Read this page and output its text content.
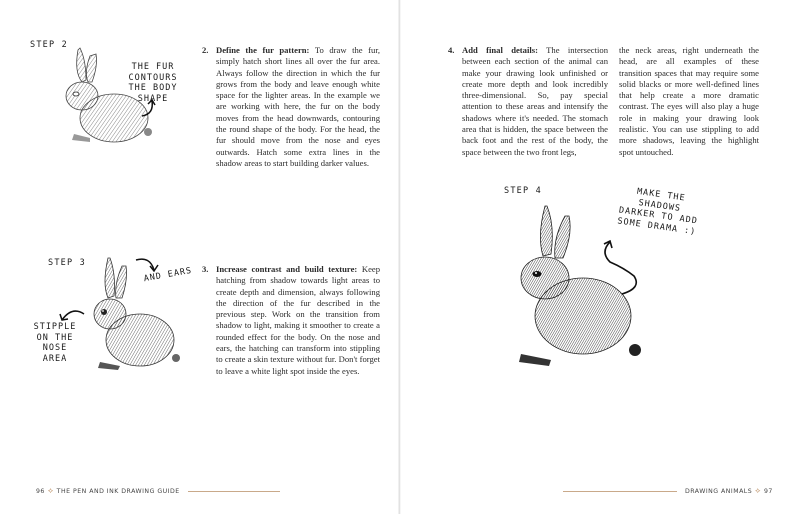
STEP 2
THE FUR CONTOURS THE BODY SHAPE
2. Define the fur pattern: To draw the fur, simply hatch short lines all over the fur area. Always follow the direction in which the fur grows from the body and leave enough white space for the lighter areas. In the example we are working with here, the fur on the body moves from the head downwards, contouring the round shape of the body. For the head, the fur should move from the nose and eyes outwards. Hatch some extra lines in the shadow areas to start building darker values.
STEP 3
AND EARS
STIPPLE ON THE NOSE AREA
3. Increase contrast and build texture: Keep hatching from shadow towards light areas to create depth and dimension, always following the direction of the fur described in the previous step. Work on the transition from shadow to light, making it smoother to create a rounded effect for the body. On the nose and ears, the hatching can transform into stippling to create a skin texture without fur. Don't forget to leave a white light spot inside the eyes.
96 ⟡ THE PEN AND INK DRAWING GUIDE
4. Add final details: The intersection between each section of the animal can make your drawing look unfinished or create more depth and look incredibly three-dimensional. So, pay special attention to these areas and intensify the shadows where it's needed. The stomach area that is hidden, the space between the back foot and the rest of the body, the space between the two front legs,
the neck areas, right underneath the head, are all examples of these transition spaces that may require some solid blacks or more well-defined lines that help create a more dramatic contrast. The eyes will also play a huge role in making your drawing look realistic. You can use stippling to add more shadows, leaving the highlight spot untouched.
STEP 4	MAKE THE SHADOWS DARKER TO ADD SOME DRAMA :)
DRAWING ANIMALS ⟡ 97
